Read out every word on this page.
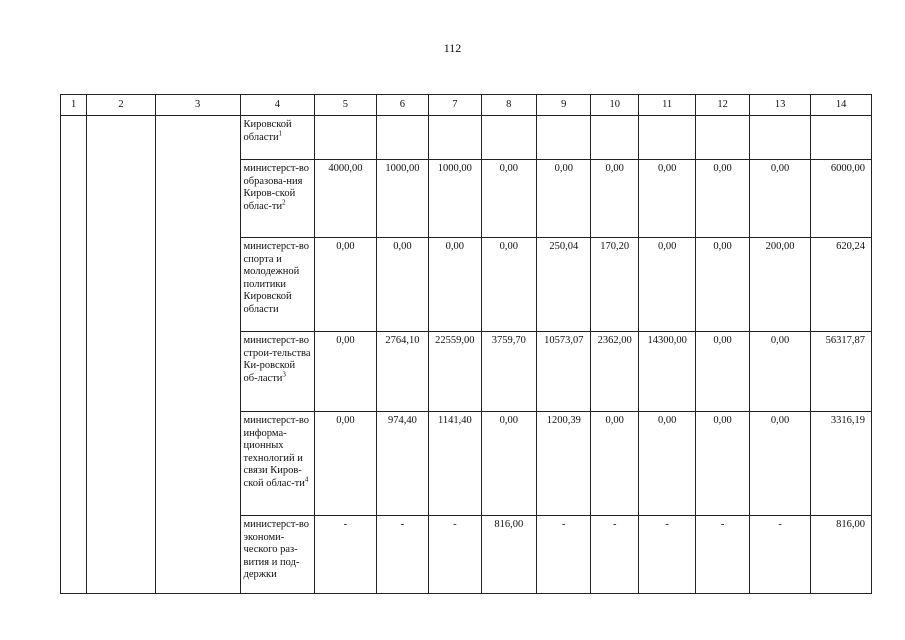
112
1	2	3	4	5	6	7	8	9	10	11	12	13	14
			Кировской области$^1$										
			министерст-во образова-ния Киров-ской облас-$ти^2$	4000,00	1000,00	1000,00	0,00	0,00	0,00	0,00	0,00	0,00	6000,00
			министерст-во спорта и молодежной политики Кировской области	0,00	0,00	0,00	0,00	250,04	170,20	0,00	0,00	200,00	620,24
			министерст-во строи-тельства Ки-ровской об-ласти$^3$	0,00	2764,10	22559,00	3759,70	10573,07	2362,00	14300,00	0,00	0,00	56317,87
			министерст-во информа-ционных технологий и связи Киров-ской облас-$ти^4$	0,00	974,40	1141,40	0,00	1200,39	0,00	0,00	0,00	0,00	3316,19
			министерст-во экономи-ческого раз-вития и под-держки	-	-	-	816,00	-	-	-	-	-	816,00
